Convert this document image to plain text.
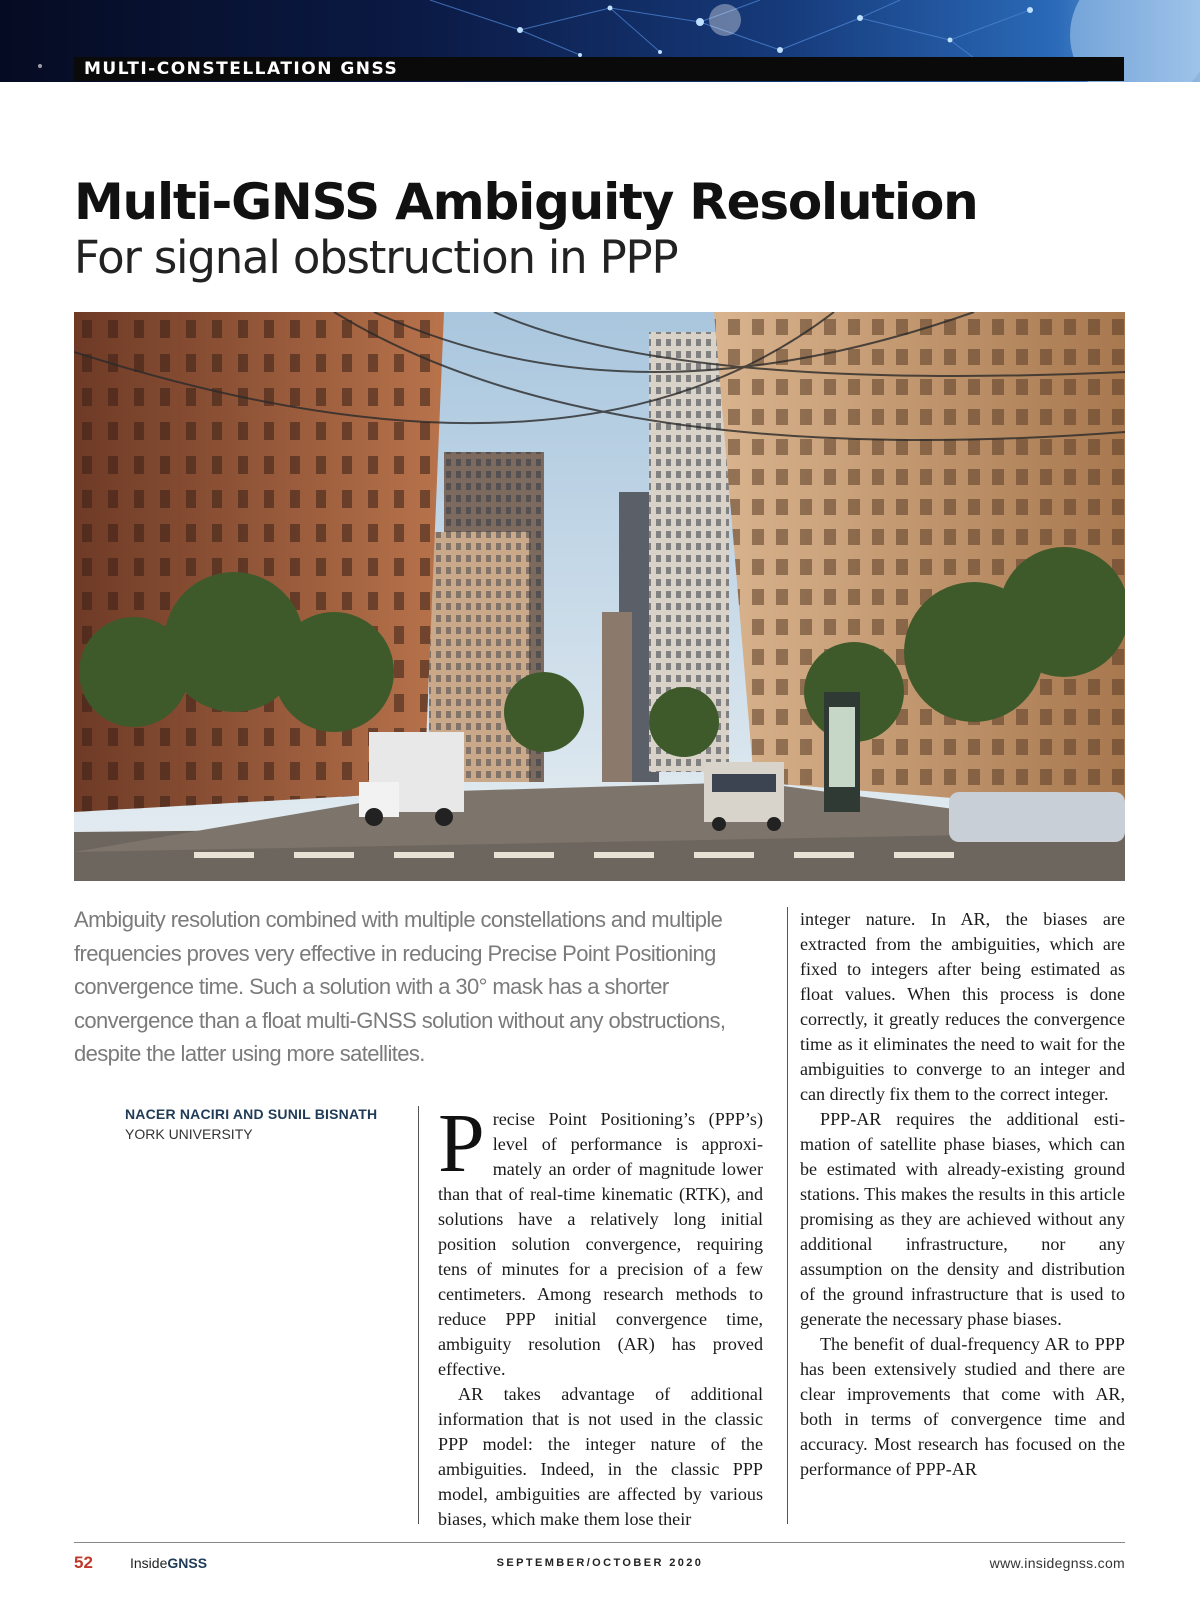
MULTI-CONSTELLATION GNSS
Multi-GNSS Ambiguity Resolution
For signal obstruction in PPP

Ambiguity resolution combined with multiple constellations and multiple frequencies proves very effective in reducing Precise Point Positioning convergence time. Such a solution with a 30° mask has a shorter convergence than a float multi-GNSS solution without any obstructions, despite the latter using more satellites.

NACER NACIRI AND SUNIL BISNATH
YORK UNIVERSITY	Precise Point Positioning’s (PPP’s) level of performance is approximately an order of magnitude lower than that of real-time kinematic (RTK), and solutions have a relatively long initial position solution convergence, requiring tens of minutes for a precision of a few centimeters. Among research methods to reduce PPP initial convergence time, ambiguity resolution (AR) has proved effective.

AR takes advantage of additional information that is not used in the classic PPP model: the integer nature of the ambiguities. Indeed, in the classic PPP model, ambiguities are affected by various biases, which make them lose their

integer nature. In AR, the biases are extracted from the ambiguities, which are fixed to integers after being estimated as float values. When this process is done correctly, it greatly reduces the convergence time as it eliminates the need to wait for the ambiguities to converge to an integer and can directly fix them to the correct integer.

PPP-AR requires the additional estimation of satellite phase biases, which can be estimated with already-existing ground stations. This makes the results in this article promising as they are achieved without any additional infrastructure, nor any assumption on the density and distribution of the ground infrastructure that is used to generate the necessary phase biases.

The benefit of dual-frequency AR to PPP has been extensively studied and there are clear improvements that come with AR, both in terms of convergence time and accuracy. Most research has focused on the performance of PPP-AR

52	InsideGNSS	SEPTEMBER/OCTOBER 2020	www.insidegnss.com
